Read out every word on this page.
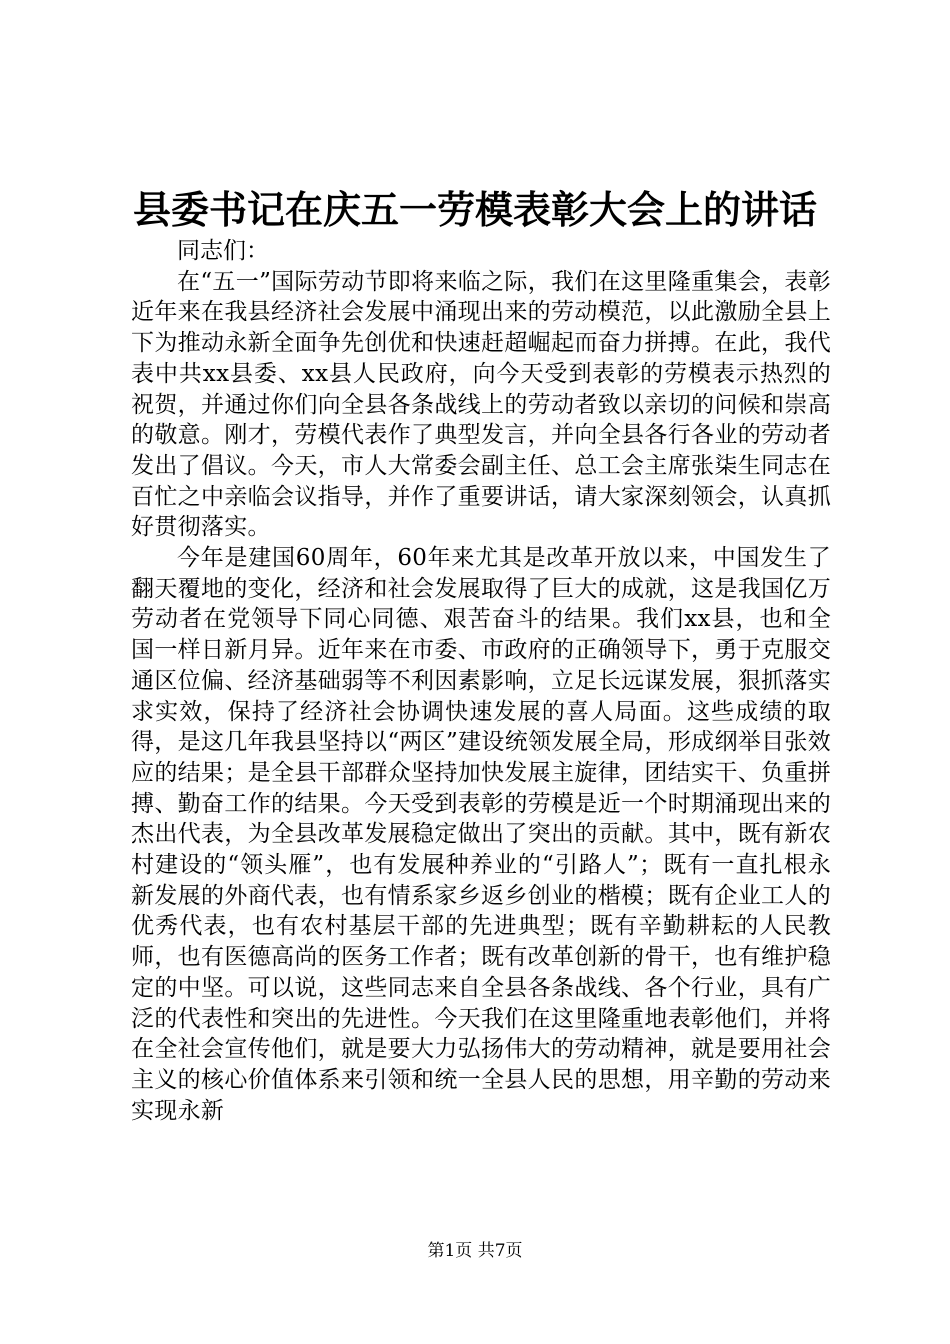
县委书记在庆五一劳模表彰大会上的讲话

同志们：

在“五一”国际劳动节即将来临之际，我们在这里隆重集会，表彰近年来在我县经济社会发展中涌现出来的劳动模范，以此激励全县上下为推动永新全面争先创优和快速赶超崛起而奋力拼搏。在此，我代表中共xx县委、xx县人民政府，向今天受到表彰的劳模表示热烈的祝贺，并通过你们向全县各条战线上的劳动者致以亲切的问候和崇高的敬意。刚才，劳模代表作了典型发言，并向全县各行各业的劳动者发出了倡议。今天，市人大常委会副主任、总工会主席张柒生同志在百忙之中亲临会议指导，并作了重要讲话，请大家深刻领会，认真抓好贯彻落实。

今年是建国60周年，60年来尤其是改革开放以来，中国发生了翻天覆地的变化，经济和社会发展取得了巨大的成就，这是我国亿万劳动者在党领导下同心同德、艰苦奋斗的结果。我们xx县，也和全国一样日新月异。近年来在市委、市政府的正确领导下，勇于克服交通区位偏、经济基础弱等不利因素影响，立足长远谋发展，狠抓落实求实效，保持了经济社会协调快速发展的喜人局面。这些成绩的取得，是这几年我县坚持以“两区”建设统领发展全局，形成纲举目张效应的结果；是全县干部群众坚持加快发展主旋律，团结实干、负重拼搏、勤奋工作的结果。今天受到表彰的劳模是近一个时期涌现出来的杰出代表，为全县改革发展稳定做出了突出的贡献。其中，既有新农村建设的“领头雁”，也有发展种养业的“引路人”；既有一直扎根永新发展的外商代表，也有情系家乡返乡创业的楷模；既有企业工人的优秀代表，也有农村基层干部的先进典型；既有辛勤耕耘的人民教师，也有医德高尚的医务工作者；既有改革创新的骨干，也有维护稳定的中坚。可以说，这些同志来自全县各条战线、各个行业，具有广泛的代表性和突出的先进性。今天我们在这里隆重地表彰他们，并将在全社会宣传他们，就是要大力弘扬伟大的劳动精神，就是要用社会主义的核心价值体系来引领和统一全县人民的思想，用辛勤的劳动来实现永新

第1页 共7页
